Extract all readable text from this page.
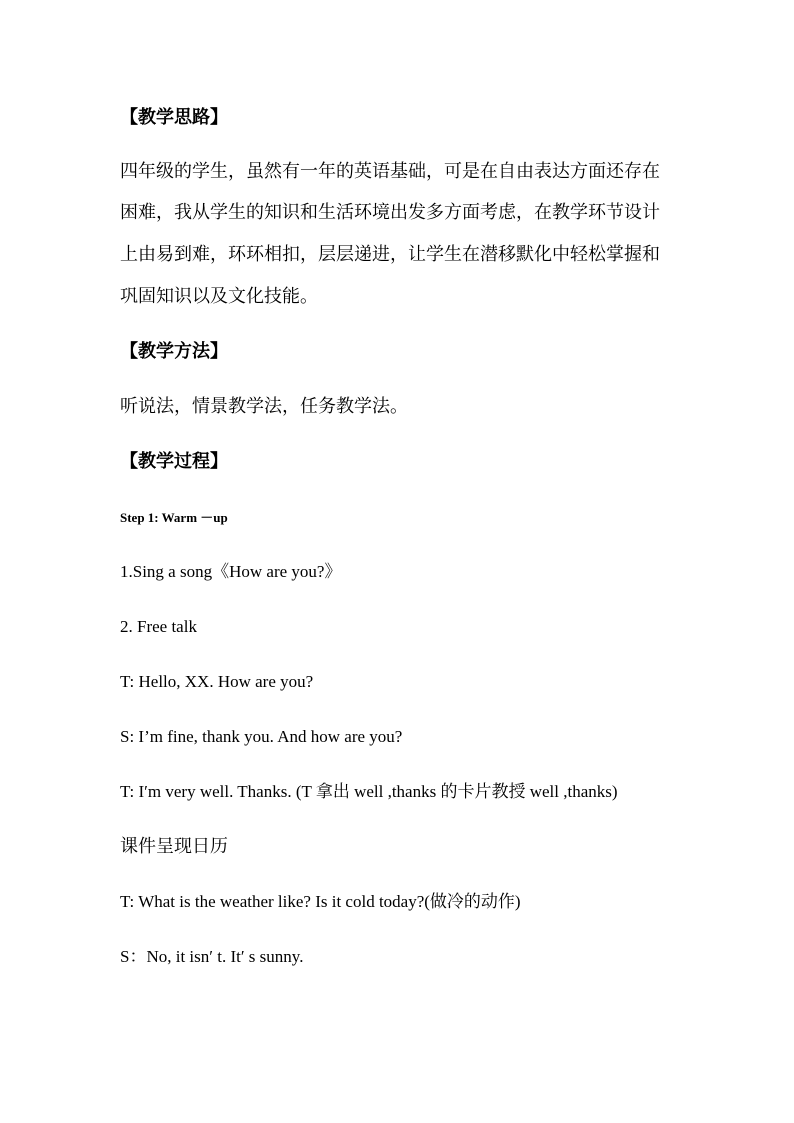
【教学思路】
四年级的学生，虽然有一年的英语基础，可是在自由表达方面还存在
困难，我从学生的知识和生活环境出发多方面考虑，在教学环节设计
上由易到难，环环相扣，层层递进，让学生在潜移默化中轻松掌握和
巩固知识以及文化技能。
【教学方法】
听说法，情景教学法，任务教学法。
【教学过程】
Step 1: Warm －up
1.Sing a song《How are you?》
2. Free talk
T: Hello, XX. How are you?
S: I’m fine, thank you. And how are you?
T: I′m very well. Thanks. (T 拿出 well ,thanks 的卡片教授 well ,thanks)
课件呈现日历
T: What is the weather like? Is it cold today?(做冷的动作)
S：No, it isn′ t. It′ s sunny.
